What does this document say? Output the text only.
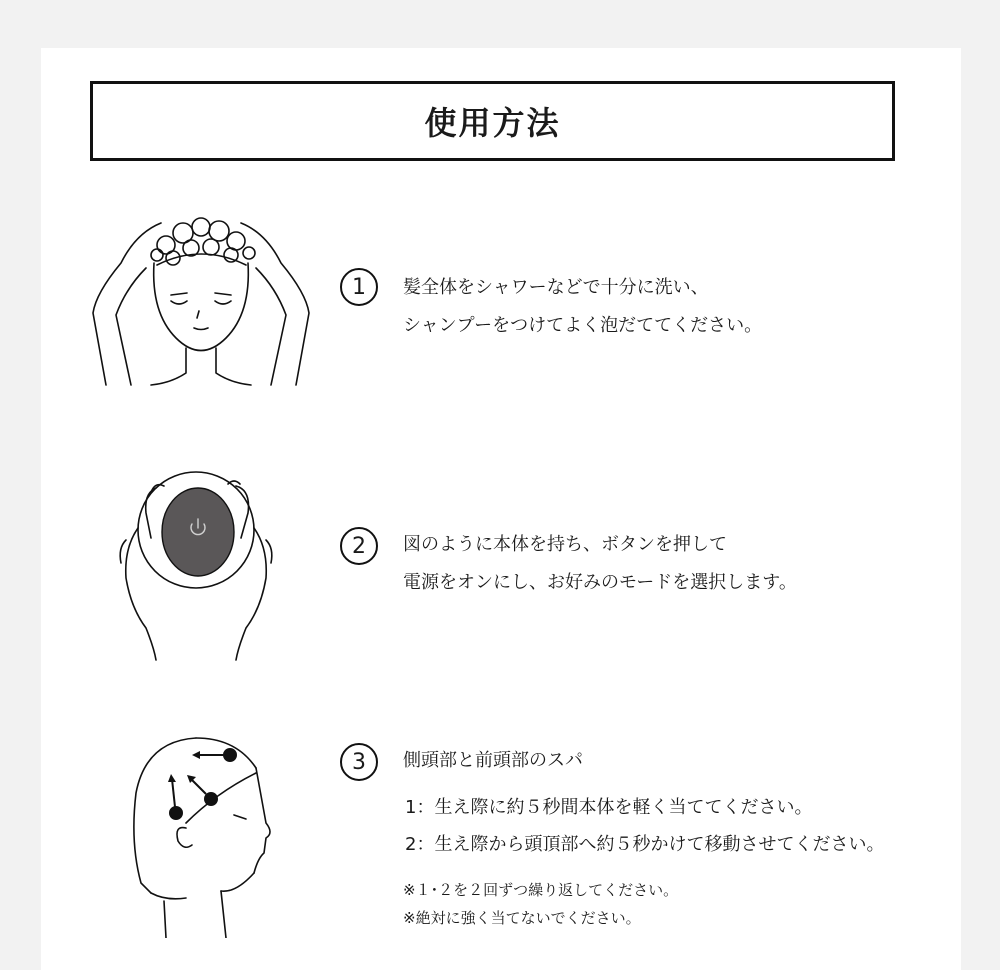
使用方法
1	髪全体をシャワーなどで十分に洗い、
シャンプーをつけてよく泡だててください。
2	図のように本体を持ち、ボタンを押して
電源をオンにし、お好みのモードを選択します。
3	側頭部と前頭部のスパ
1：生え際に約５秒間本体を軽く当ててください。
2：生え際から頭頂部へ約５秒かけて移動させてください。
※１･２を２回ずつ繰り返してください。
※絶対に強く当てないでください。
